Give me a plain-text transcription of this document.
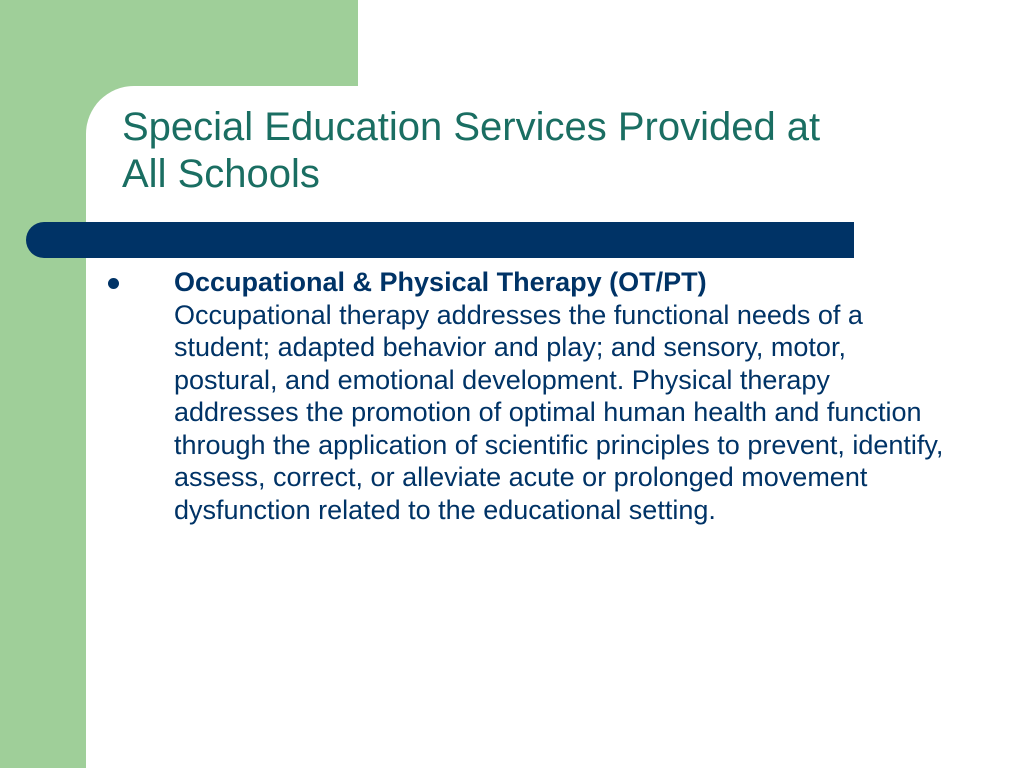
Special Education Services Provided at
All Schools
Occupational & Physical Therapy (OT/PT)
Occupational therapy addresses the functional needs of a student; adapted behavior and play; and sensory, motor, postural, and emotional development. Physical therapy addresses the promotion of optimal human health and function through the application of scientific principles to prevent, identify, assess, correct, or alleviate acute or prolonged movement dysfunction related to the educational setting.
